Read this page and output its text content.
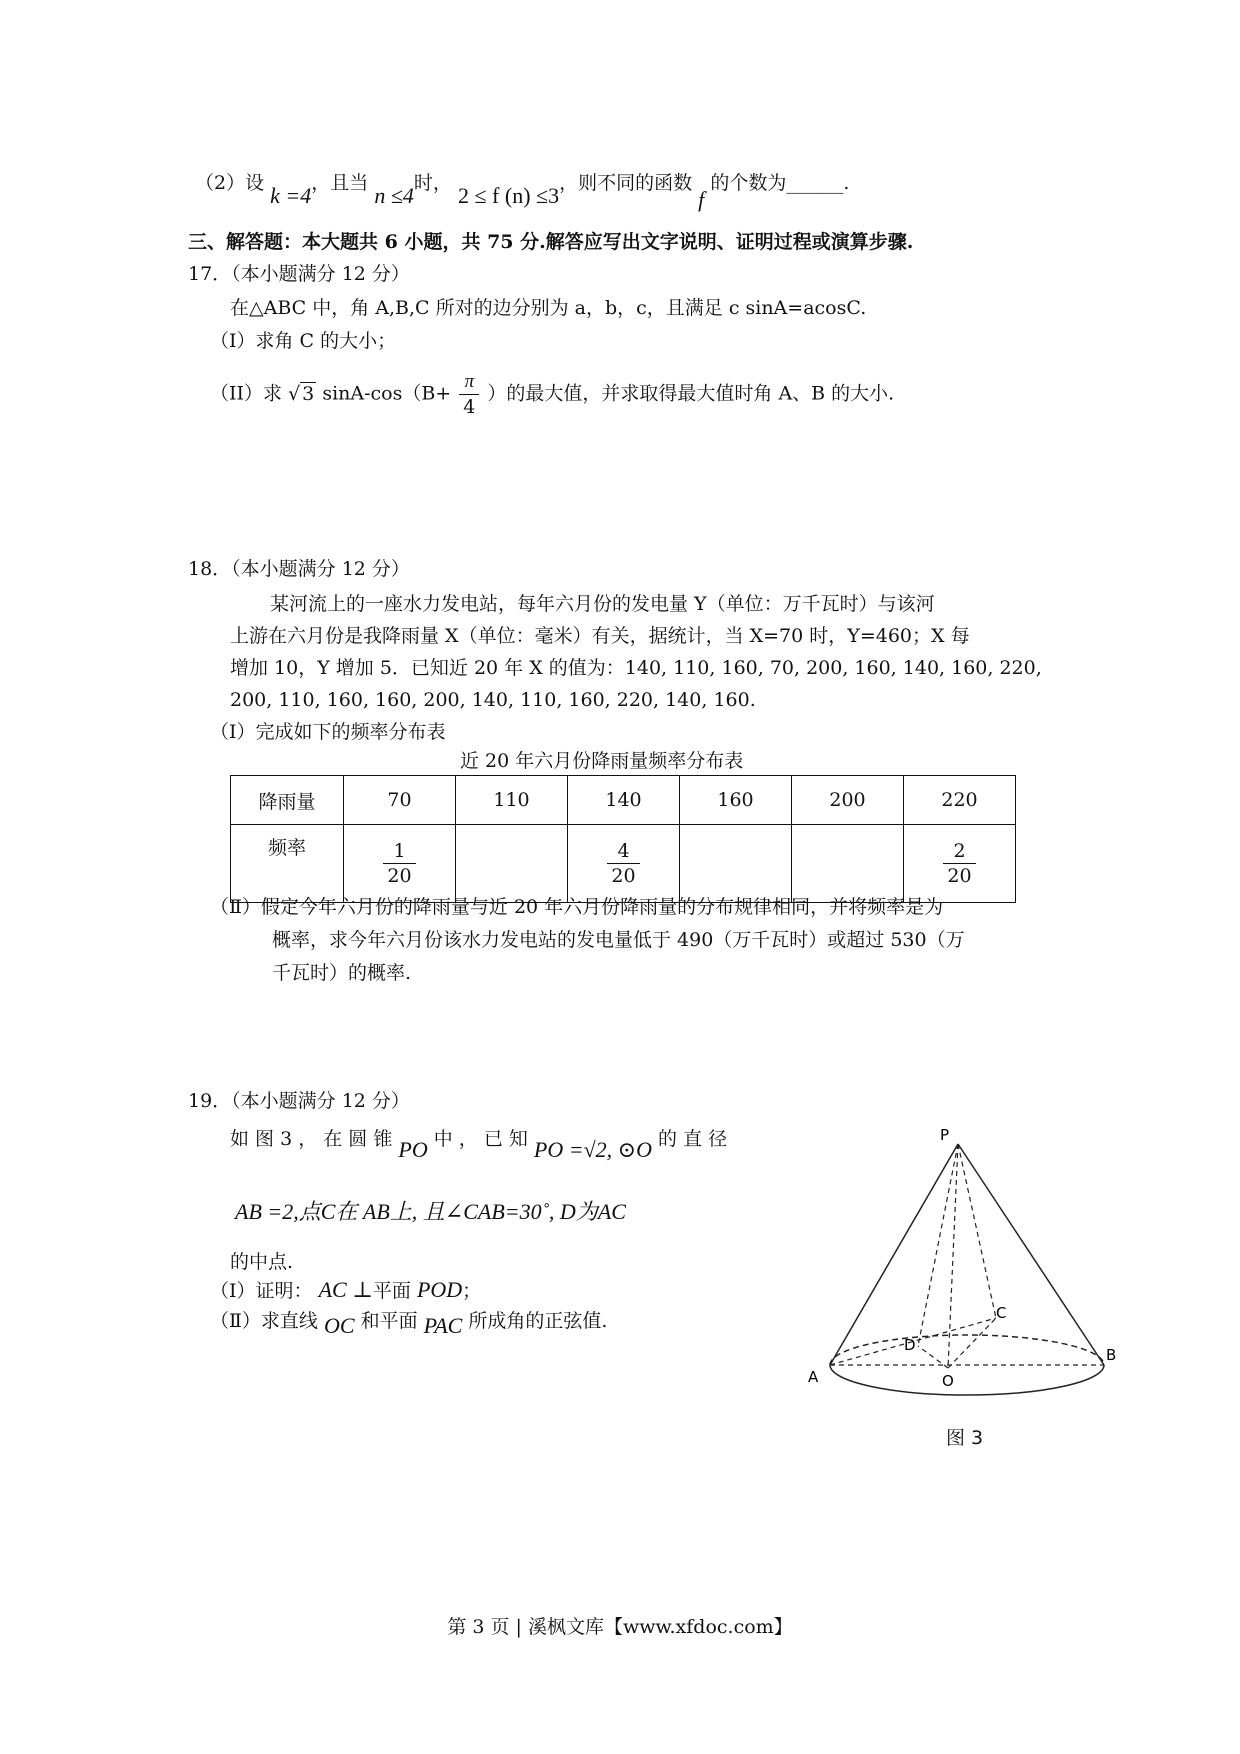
（2）设 k =4，且当 n ≤4时， 2 ≤ f (n) ≤3，则不同的函数 f 的个数为______.
三、解答题：本大题共 6 小题，共 75 分.解答应写出文字说明、证明过程或演算步骤.
17．（本小题满分 12 分）
在△ABC 中，角 A,B,C 所对的边分别为 a，b，c，且满足 c sinA=acosC.
（I）求角 C 的大小；
（II）求 √ 3 $\sin A-\cos(B+ \frac{\pi}{4}$ ）的最大值，并求取得最大值时角 A、B 的大小.
18．（本小题满分 12 分）
某河流上的一座水力发电站，每年六月份的发电量 Y（单位：万千瓦时）与该河
上游在六月份是我降雨量 X（单位：毫米）有关，据统计，当 X=70 时，Y=460；X 每
增加 10，Y 增加 5．已知近 20 年 X 的值为：140, 110, 160, 70, 200, 160, 140, 160, 220,
200, 110, 160, 160, 200, 140, 110, 160, 220, 140, 160.
（Ⅰ）完成如下的频率分布表
近 20 年六月份降雨量频率分布表
降雨量	70	110	140	160	200	220
频率	$\frac{1}{20}$		$\frac{4}{20}$			$\frac{2}{20}$
（Ⅱ）假定今年六月份的降雨量与近 20 年六月份降雨量的分布规律相同，并将频率是为
概率，求今年六月份该水力发电站的发电量低于 490（万千瓦时）或超过 530（万
千瓦时）的概率.
19．（本小题满分 12 分）
如 图 3 ， 在 圆 锥 PO 中 ， 已 知 PO =√2, ⊙O 的 直 径
AB =2,点C在 AB上, 且∠CAB=30˚, D为AC
的中点.
（Ⅰ）证明： AC ⊥平面 POD；
（Ⅱ）求直线 OC 和平面 PAC 所成角的正弦值.
P
A
B
C
D
O
图 3
第 3 页 | 溪枫文库【www.xfdoc.com】
